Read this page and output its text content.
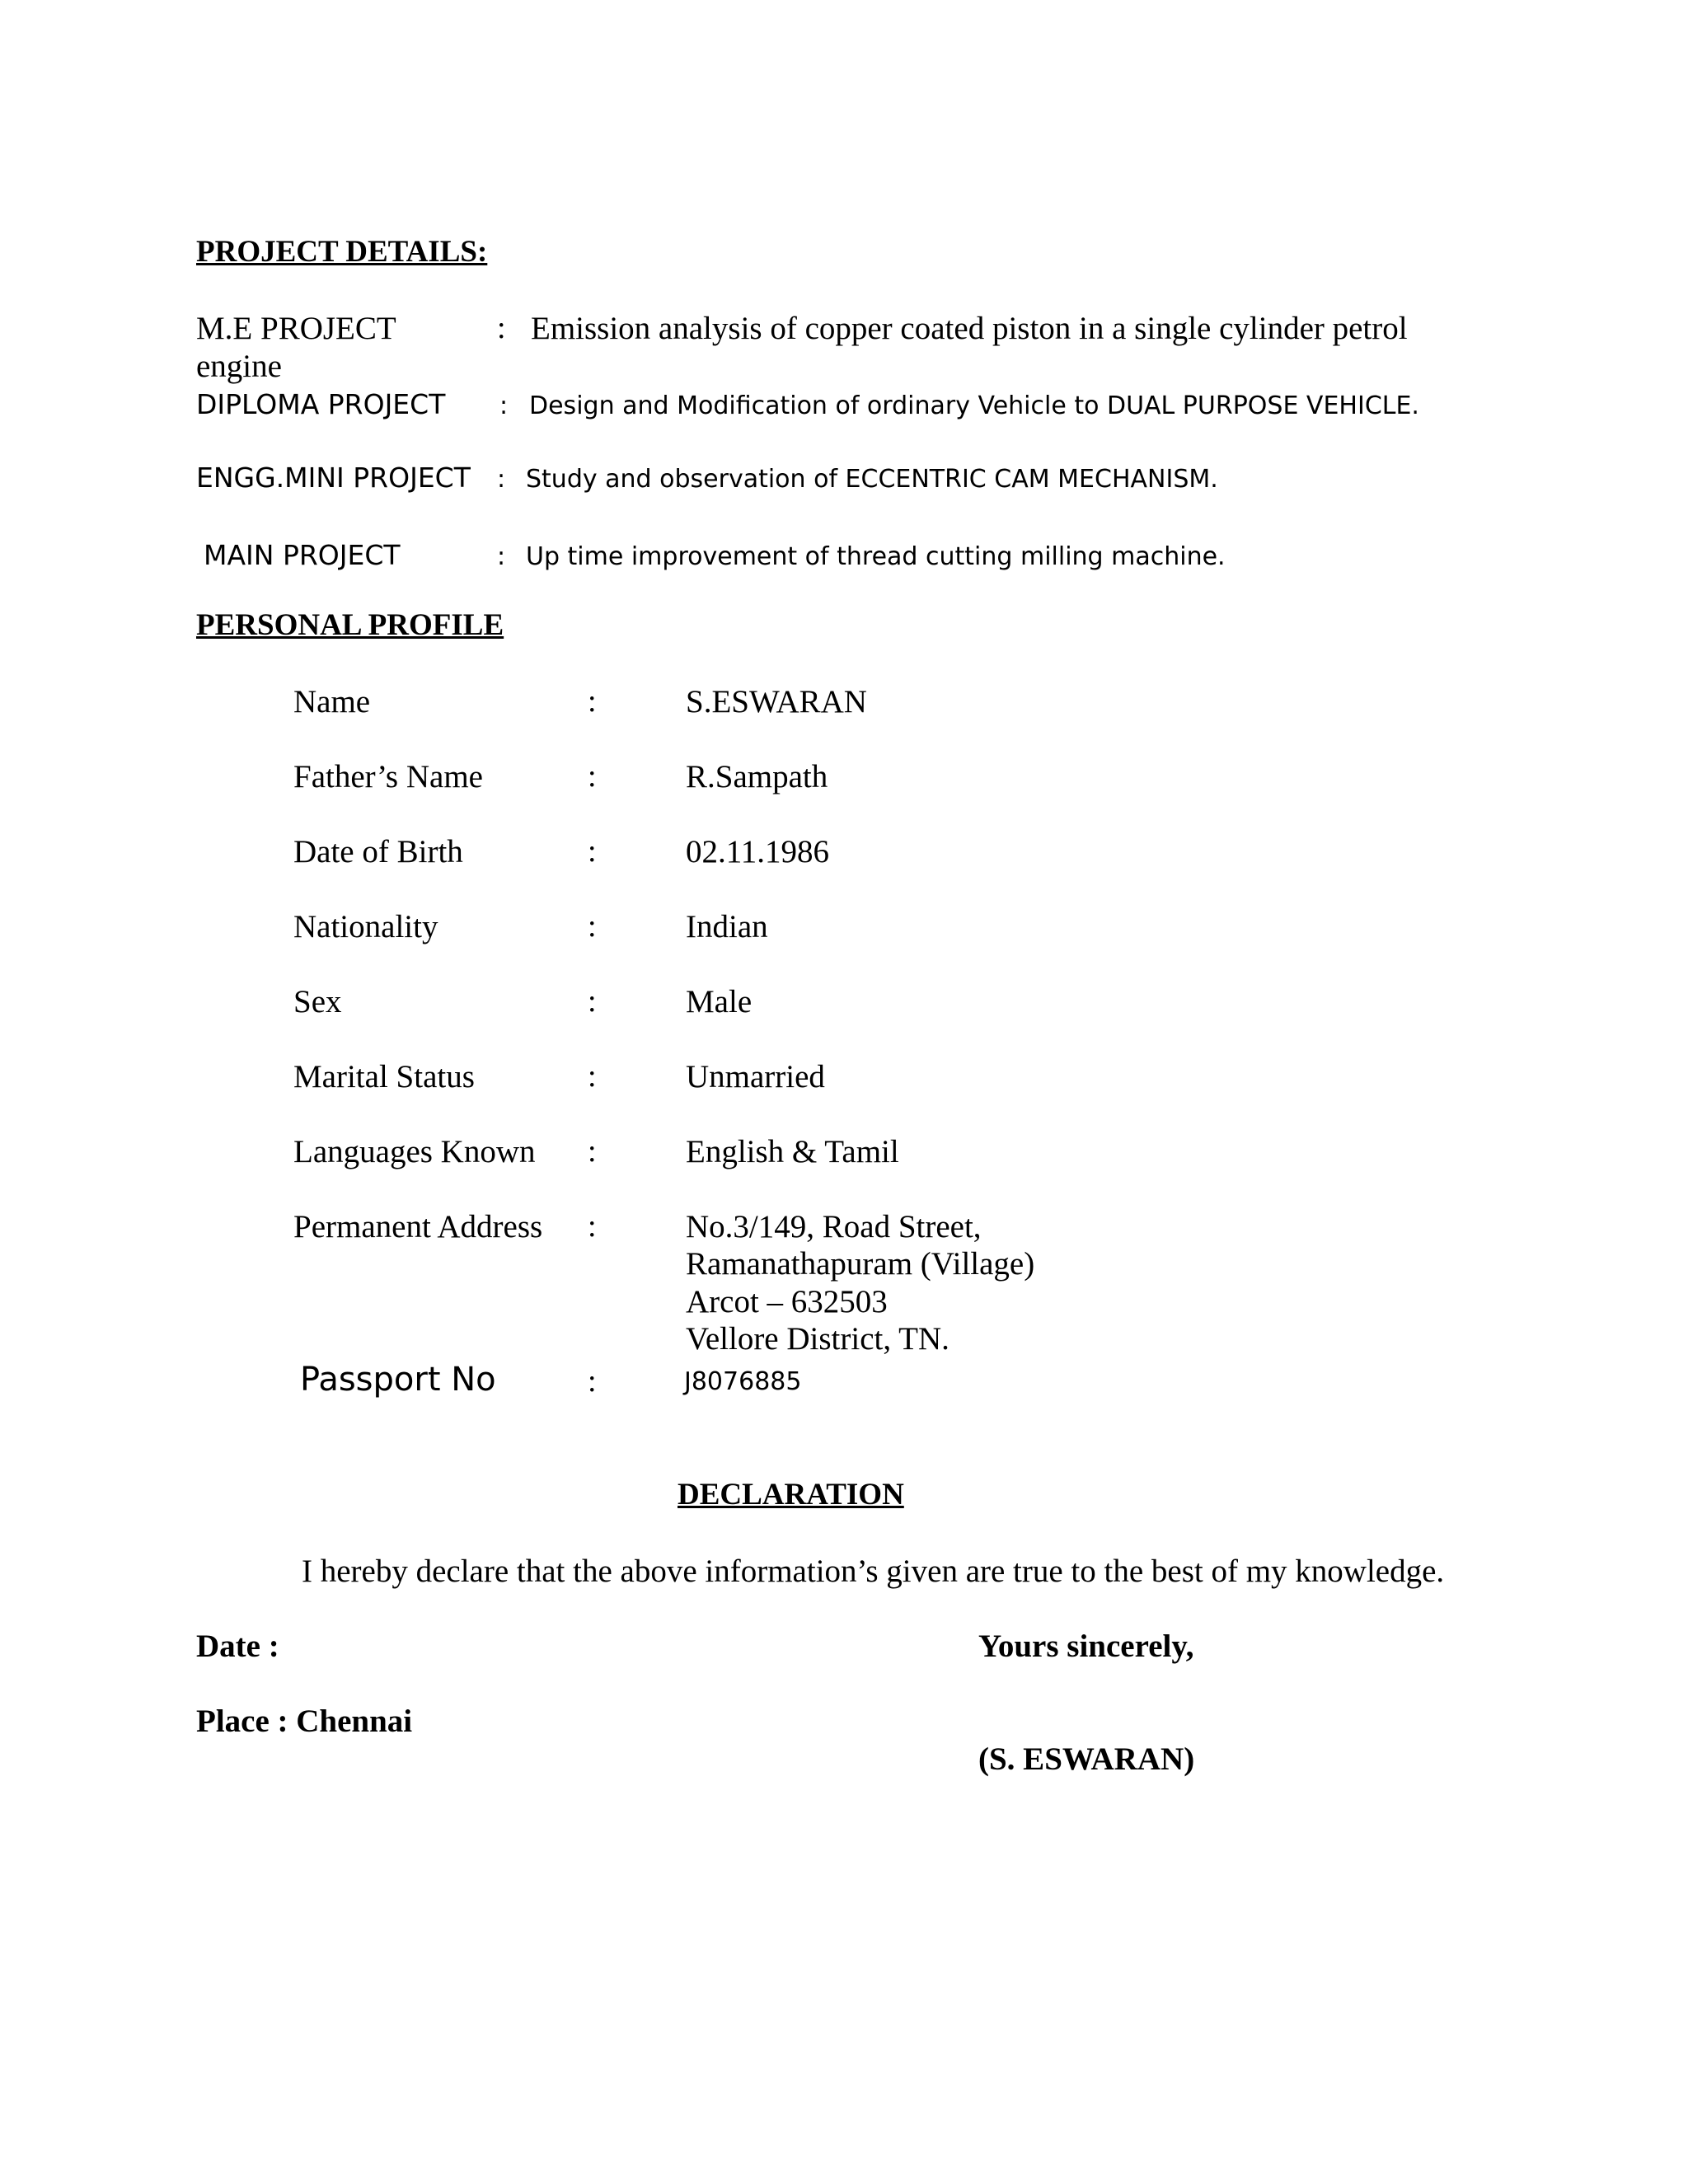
PROJECT DETAILS:
M.E PROJECT	: Emission analysis of copper coated piston in a single cylinder petrol
engine
DIPLOMA PROJECT : Design and Modification of ordinary Vehicle to DUAL PURPOSE VEHICLE.
ENGG.MINI PROJECT : Study and observation of ECCENTRIC CAM MECHANISM.
MAIN PROJECT	: Up time improvement of thread cutting milling machine.
PERSONAL PROFILE
Name	:	S.ESWARAN
Father’s Name	:	R.Sampath
Date of Birth	:	02.11.1986
Nationality	:	Indian
Sex	:	Male
Marital Status	:	Unmarried
Languages Known :	English & Tamil
Permanent Address :	No.3/149, Road Street,
Ramanathapuram (Village)
Arcot – 632503
Vellore District, TN.
Passport No	:	J8076885
DECLARATION
I hereby declare that the above information’s given are true to the best of my knowledge.
Date :
Place : Chennai
Yours sincerely,
(S. ESWARAN)
